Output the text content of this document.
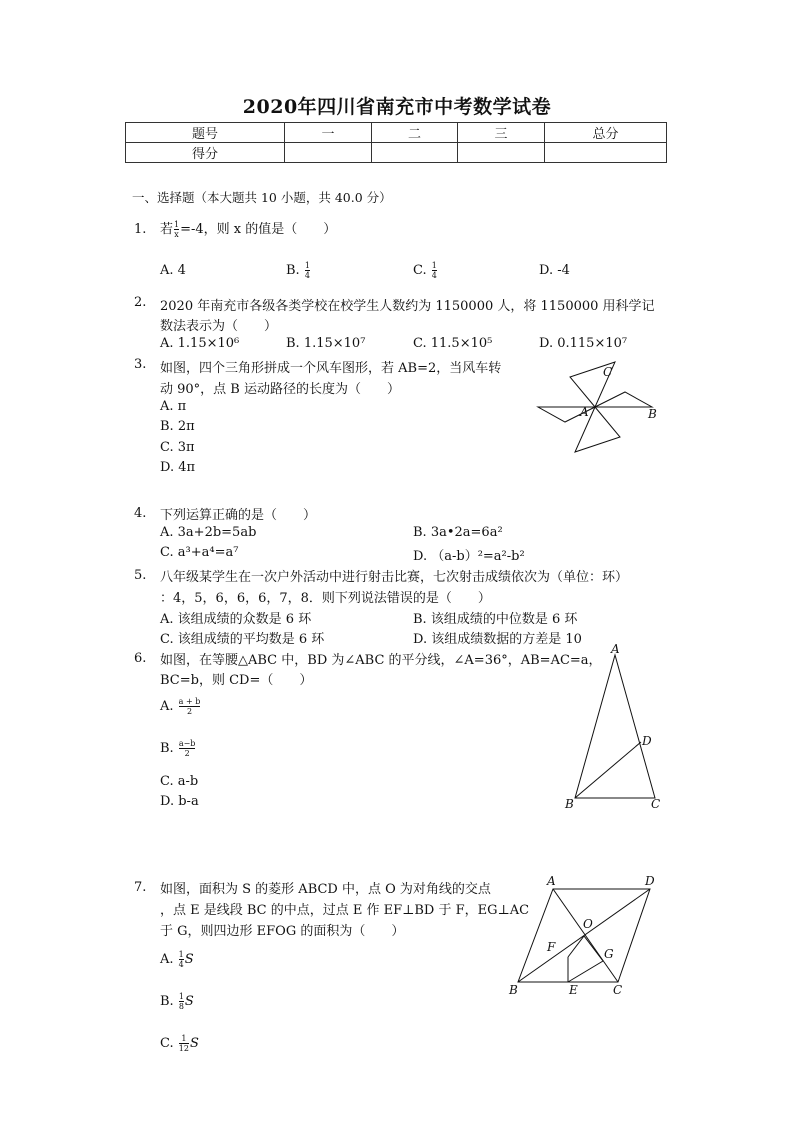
2020年四川省南充市中考数学试卷
题号	一	二	三	总分
得分				
一、选择题（本大题共 10 小题，共 40.0 分）
1. 若 $\frac{1}{x} =-4$，则 x 的值是（　　）
A. 4	B. $\frac{1}{4}$	C. $\frac{1}{4}$	D. -4
2. 2020 年南充市各级各类学校在校学生人数约为 1150000 人，将 1150000 用科学记
数法表示为（　　）
A. 1.15×10⁶	B. 1.15×10⁷	C. 11.5×10⁵	D. 0.115×10⁷
3. 如图，四个三角形拼成一个风车图形，若 AB=2，当风车转
动 90°，点 B 运动路径的长度为（　　）
A. π
B. 2π
C. 3π
D. 4π
C
A	B
4. 下列运算正确的是（　　）
A. 3a+2b=5ab	B. 3a•2a=6a²
C. a³+a⁴=a⁷	D. （a-b）²=a²-b²
5. 八年级某学生在一次户外活动中进行射击比赛，七次射击成绩依次为（单位：环）
：4，5，6，6，6，7，8．则下列说法错误的是（　　）
A. 该组成绩的众数是 6 环	B. 该组成绩的中位数是 6 环
C. 该组成绩的平均数是 6 环	D. 该组成绩数据的方差是 10
6. 如图，在等腰△ABC 中，BD 为∠ABC 的平分线，∠A=36°，AB=AC=a，
BC=b，则 CD=（　　）
A. $\frac{a + b}{2}$
B. $\frac{a-b}{2}$
C. a-b
D. b-a
A
D
B	C
7. 如图，面积为 S 的菱形 ABCD 中，点 O 为对角线的交点
，点 E 是线段 BC 的中点，过点 E 作 EF⊥BD 于 F，EG⊥AC
于 G，则四边形 EFOG 的面积为（　　）
A. $\frac{1}{4}$ S
B. $\frac{1}{8}$ S
C. $\frac{1}{12}$ S
A	D
O
F	G
B	E	C
